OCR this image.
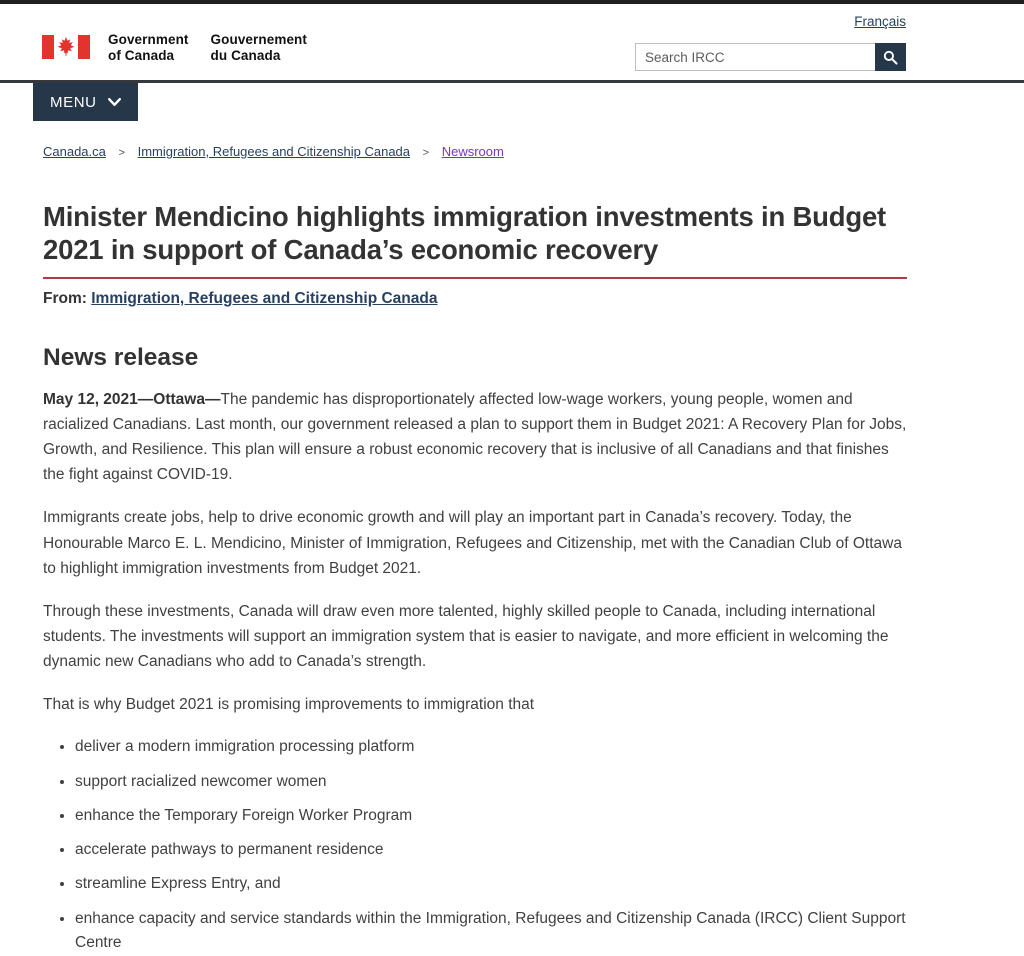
Government
of Canada
Gouvernement
du Canada
Français
Search IRCC
MENU
Canada.ca > Immigration, Refugees and Citizenship Canada > Newsroom
Minister Mendicino highlights immigration investments in Budget 2021 in support of Canada’s economic recovery
From: Immigration, Refugees and Citizenship Canada
News release

May 12, 2021—Ottawa—The pandemic has disproportionately affected low-wage workers, young people, women and racialized Canadians. Last month, our government released a plan to support them in Budget 2021: A Recovery Plan for Jobs, Growth, and Resilience. This plan will ensure a robust economic recovery that is inclusive of all Canadians and that finishes the fight against COVID-19.

Immigrants create jobs, help to drive economic growth and will play an important part in Canada’s recovery. Today, the Honourable Marco E. L. Mendicino, Minister of Immigration, Refugees and Citizenship, met with the Canadian Club of Ottawa to highlight immigration investments from Budget 2021.

Through these investments, Canada will draw even more talented, highly skilled people to Canada, including international students. The investments will support an immigration system that is easier to navigate, and more efficient in welcoming the dynamic new Canadians who add to Canada’s strength.

That is why Budget 2021 is promising improvements to immigration that

• deliver a modern immigration processing platform
• support racialized newcomer women
• enhance the Temporary Foreign Worker Program
• accelerate pathways to permanent residence
• streamline Express Entry, and
• enhance capacity and service standards within the Immigration, Refugees and Citizenship Canada (IRCC) Client Support Centre
